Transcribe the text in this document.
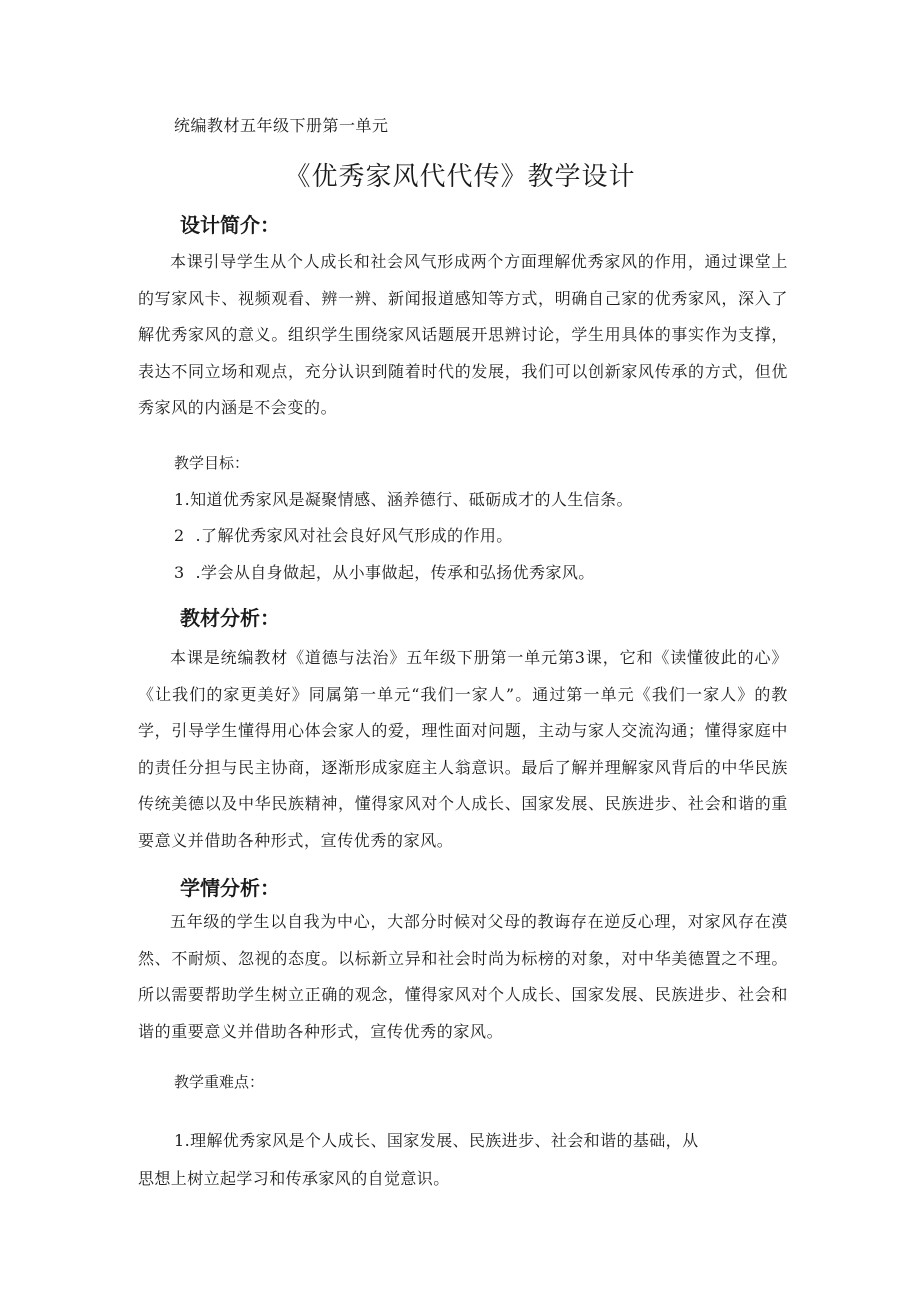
统编教材五年级下册第一单元

《优秀家风代代传》教学设计
设计简介：

本课引导学生从个人成长和社会风气形成两个方面理解优秀家风的作用，通过课堂上的写家风卡、视频观看、辨一辨、新闻报道感知等方式，明确自己家的优秀家风，深入了解优秀家风的意义。组织学生围绕家风话题展开思辨讨论，学生用具体的事实作为支撑，表达不同立场和观点，充分认识到随着时代的发展，我们可以创新家风传承的方式，但优秀家风的内涵是不会变的。

教学目标：

1.知道优秀家风是凝聚情感、涵养德行、砥砺成才的人生信条。

2  .了解优秀家风对社会良好风气形成的作用。

3  .学会从自身做起，从小事做起，传承和弘扬优秀家风。

教材分析：

本课是统编教材《道德与法治》五年级下册第一单元第3课，它和《读懂彼此的心》《让我们的家更美好》同属第一单元“我们一家人”。通过第一单元《我们一家人》的教学，引导学生懂得用心体会家人的爱，理性面对问题，主动与家人交流沟通；懂得家庭中的责任分担与民主协商，逐渐形成家庭主人翁意识。最后了解并理解家风背后的中华民族传统美德以及中华民族精神，懂得家风对个人成长、国家发展、民族进步、社会和谐的重要意义并借助各种形式，宣传优秀的家风。

学情分析：

五年级的学生以自我为中心，大部分时候对父母的教诲存在逆反心理，对家风存在漠然、不耐烦、忽视的态度。以标新立异和社会时尚为标榜的对象，对中华美德置之不理。所以需要帮助学生树立正确的观念，懂得家风对个人成长、国家发展、民族进步、社会和谐的重要意义并借助各种形式，宣传优秀的家风。

教学重难点：

1.理解优秀家风是个人成长、国家发展、民族进步、社会和谐的基础，从

思想上树立起学习和传承家风的自觉意识。
